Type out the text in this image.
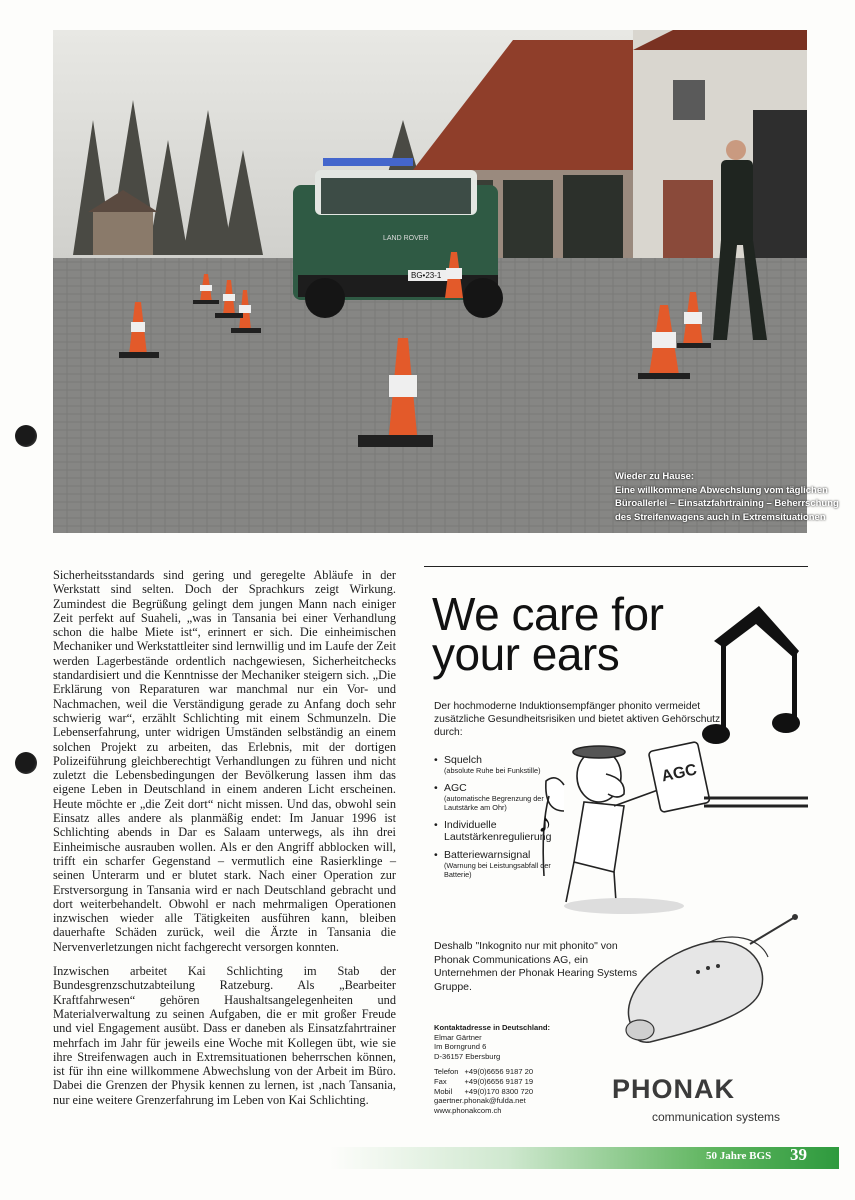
LAND ROVER
BG•23-1
Wieder zu Hause:
Eine willkommene Abwechslung vom täglichen Büroallerlei – Einsatzfahrtraining – Beherrschung des Streifenwagens auch in Extremsituationen

Sicherheitsstandards sind gering und geregelte Abläufe in der Werkstatt sind selten. Doch der Sprachkurs zeigt Wirkung. Zumindest die Begrüßung gelingt dem jungen Mann nach einiger Zeit perfekt auf Suaheli, „was in Tansania bei einer Verhandlung schon die halbe Miete ist“, erinnert er sich. Die einheimischen Mechaniker und Werkstattleiter sind lernwillig und im Laufe der Zeit werden Lagerbestände ordentlich nachgewiesen, Sicherheitchecks standardisiert und die Kenntnisse der Mechaniker steigern sich. „Die Erklärung von Reparaturen war manchmal nur ein Vor- und Nachmachen, weil die Verständigung gerade zu Anfang doch sehr schwierig war“, erzählt Schlichting mit einem Schmunzeln. Die Lebenserfahrung, unter widrigen Umständen selbständig an einem solchen Projekt zu arbeiten, das Erlebnis, mit der dortigen Polizeiführung gleichberechtigt Verhandlungen zu führen und nicht zuletzt die Lebensbedingungen der Bevölkerung lassen ihm das eigene Leben in Deutschland in einem anderen Licht erscheinen. Heute möchte er „die Zeit dort“ nicht missen. Und das, obwohl sein Einsatz alles andere als planmäßig endet: Im Januar 1996 ist Schlichting abends in Dar es Salaam unterwegs, als ihn drei Einheimische ausrauben wollen. Als er den Angriff abblocken will, trifft ein scharfer Gegenstand – vermutlich eine Rasierklinge – seinen Unterarm und er blutet stark. Nach einer Operation zur Erstversorgung in Tansania wird er nach Deutschland gebracht und dort weiterbehandelt. Obwohl er nach mehrmaligen Operationen inzwischen wieder alle Tätigkeiten ausführen kann, bleiben dauerhafte Schäden zurück, weil die Ärzte in Tansania die Nervenverletzungen nicht fachgerecht versorgen konnten.

Inzwischen arbeitet Kai Schlichting im Stab der Bundesgrenzschutzabteilung Ratzeburg. Als „Bearbeiter Kraftfahrwesen“ gehören Haushaltsangelegenheiten und Materialverwaltung zu seinen Aufgaben, die er mit großer Freude und viel Engagement ausübt. Dass er daneben als Einsatzfahrtrainer mehrfach im Jahr für jeweils eine Woche mit Kollegen übt, wie sie ihre Streifenwagen auch in Extremsituationen beherrschen können, ist für ihn eine willkommene Abwechslung von der Arbeit im Büro. Dabei die Grenzen der Physik kennen zu lernen, ist ‚nach Tansania, nur eine weitere Grenzerfahrung im Leben von Kai Schlichting.

We care for
your ears
Der hochmoderne Induktionsempfänger phonito vermeidet zusätzliche Gesundheitsrisiken und bietet aktiven Gehörschutz durch:
• Squelch
(absolute Ruhe bei Funkstille)
• AGC
(automatische Begrenzung der Lautstärke am Ohr)
• Individuelle Lautstärkenregulierung
• Batteriewarnsignal
(Warnung bei Leistungsabfall der Batterie)
AGC
♪
Deshalb "Inkognito nur mit phonito" von Phonak Communications AG, ein Unternehmen der Phonak Hearing Systems Gruppe.
Kontaktadresse in Deutschland:
Elmar Gärtner
Im Borngrund 6
D-36157 Ebersburg
Telefon	+49(0)6656 9187 20
Fax	+49(0)6656 9187 19
Mobil	+49(0)170 8300 720
gaertner.phonak@fulda.net
www.phonakcom.ch
PHONAK
communication systems
50 Jahre BGS 39
